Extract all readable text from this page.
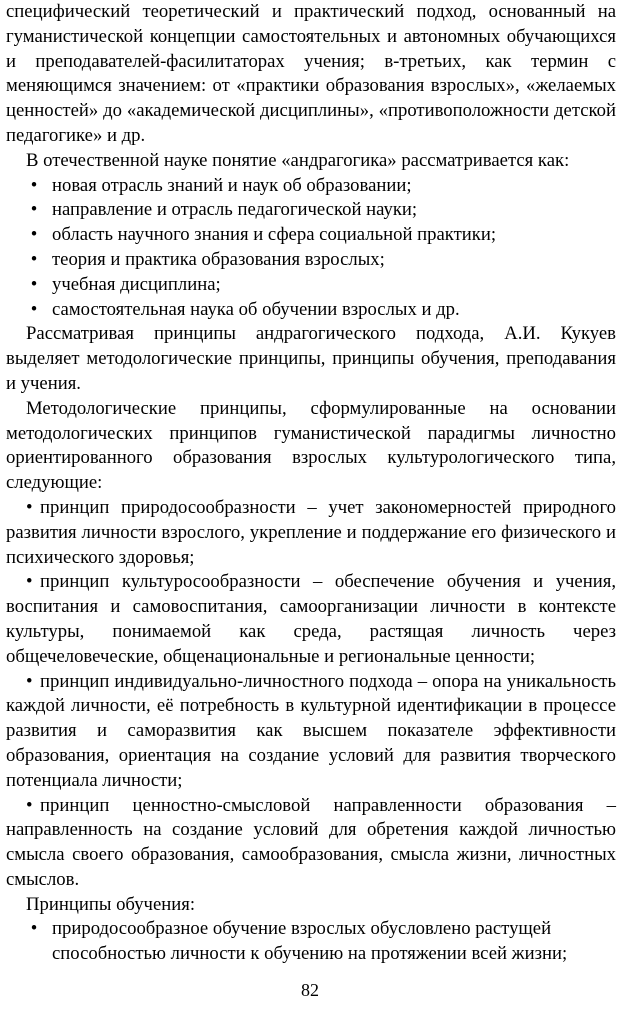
специфический теоретический и практический подход, основанный на гуманистической концепции самостоятельных и автономных обучающихся и преподавателей-фасилитаторах учения; в-третьих, как термин с меняющимся значением: от «практики образования взрослых», «желаемых ценностей» до «академической дисциплины», «противоположности детской педагогике» и др.

В отечественной науке понятие «андрагогика» рассматривается как:

• новая отрасль знаний и наук об образовании;
• направление и отрасль педагогической науки;
• область научного знания и сфера социальной практики;
• теория и практика образования взрослых;
• учебная дисциплина;
• самостоятельная наука об обучении взрослых и др.

Рассматривая принципы андрагогического подхода, А.И. Кукуев выделяет методологические принципы, принципы обучения, преподавания и учения.

Методологические принципы, сформулированные на основании методологических принципов гуманистической парадигмы личностно ориентированного образования взрослых культурологического типа, следующие:

• принцип природосообразности – учет закономерностей природного развития личности взрослого, укрепление и поддержание его физического и психического здоровья;

• принцип культуросообразности – обеспечение обучения и учения, воспитания и самовоспитания, самоорганизации личности в контексте культуры, понимаемой как среда, растящая личность через общечеловеческие, общенациональные и региональные ценности;

• принцип индивидуально-личностного подхода – опора на уникальность каждой личности, её потребность в культурной идентификации в процессе развития и саморазвития как высшем показателе эффективности образования, ориентация на создание условий для развития творческого потенциала личности;

• принцип ценностно-смысловой направленности образования – направленность на создание условий для обретения каждой личностью смысла своего образования, самообразования, смысла жизни, личностных смыслов.

Принципы обучения:

• природосообразное обучение взрослых обусловлено растущей способностью личности к обучению на протяжении всей жизни;
82
